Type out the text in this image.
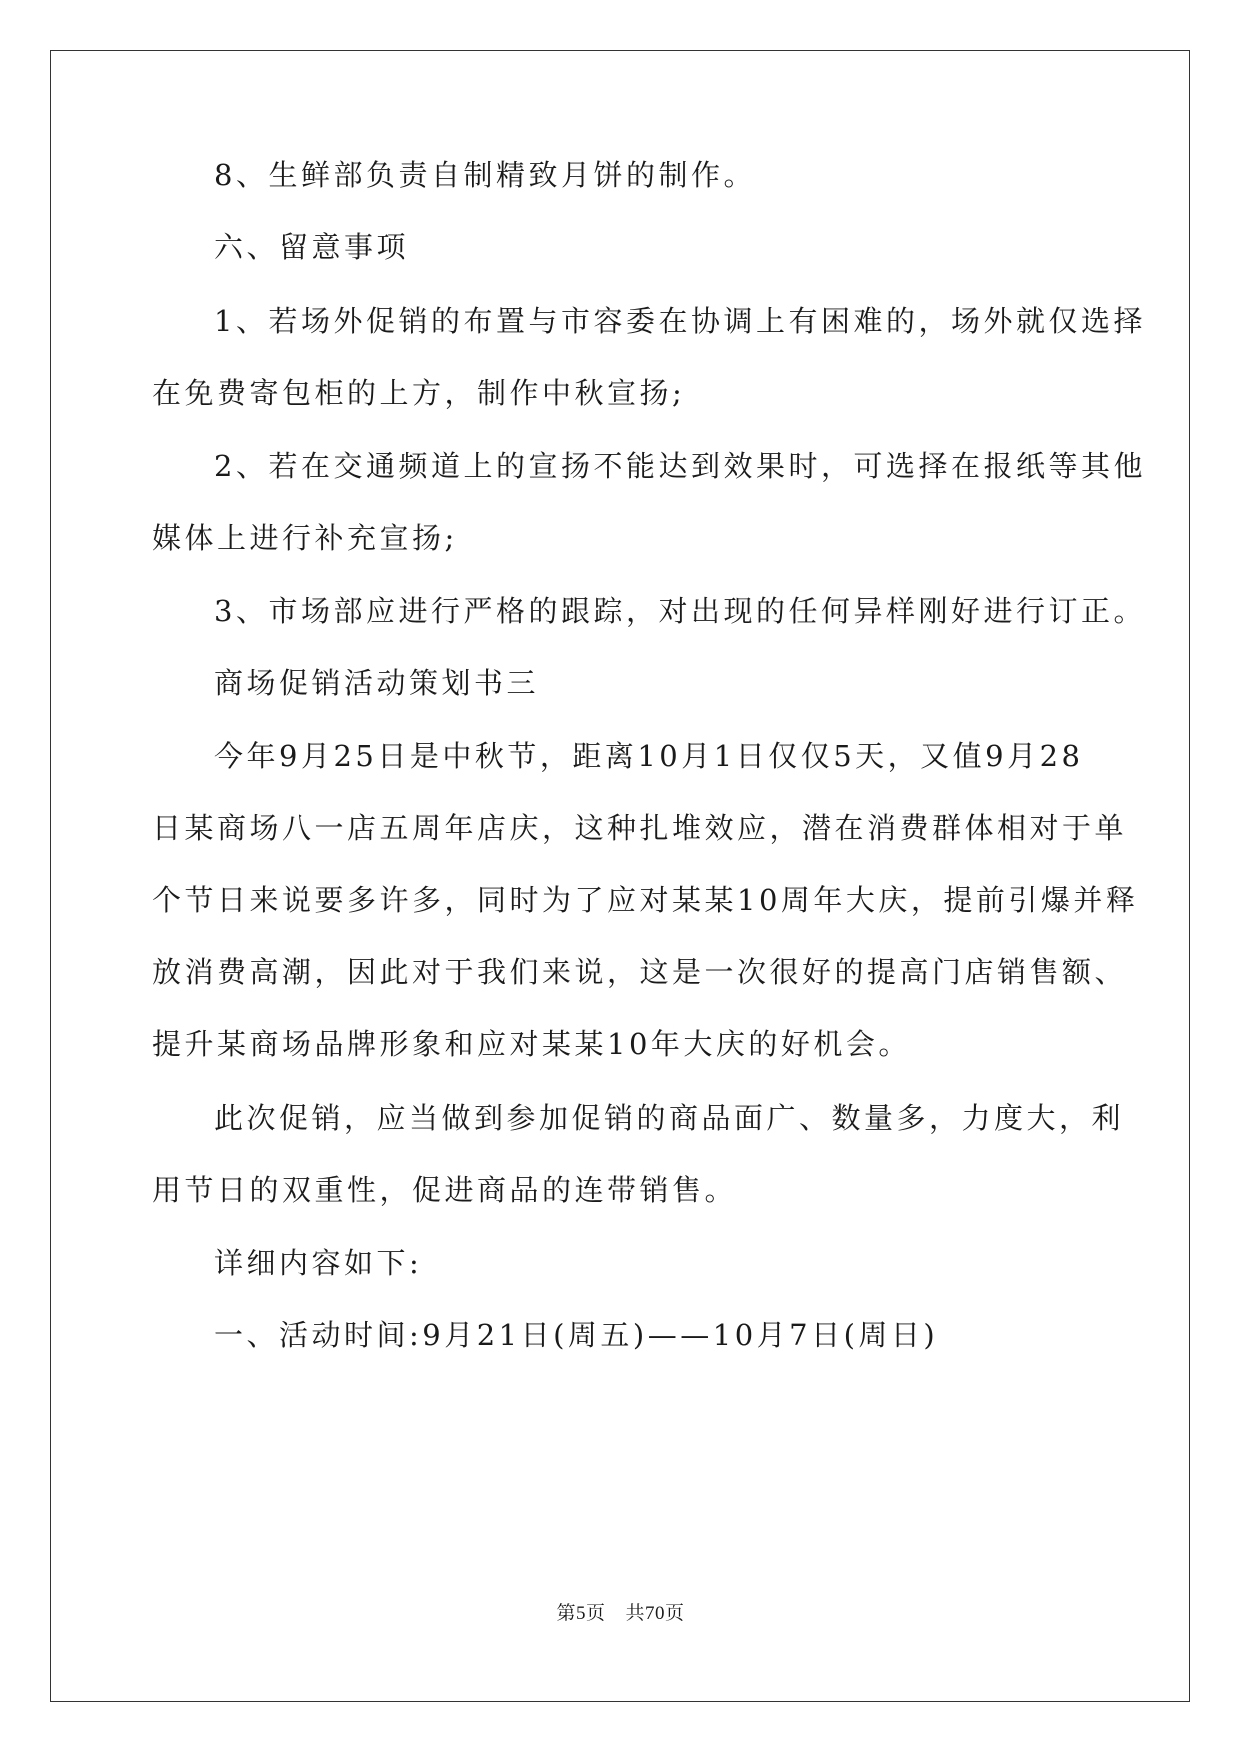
8、生鲜部负责自制精致月饼的制作。
六、留意事项
1、若场外促销的布置与市容委在协调上有困难的，场外就仅选择
在免费寄包柜的上方，制作中秋宣扬;
2、若在交通频道上的宣扬不能达到效果时，可选择在报纸等其他
媒体上进行补充宣扬;
3、市场部应进行严格的跟踪，对出现的任何异样刚好进行订正。
商场促销活动策划书三
今年9月25日是中秋节，距离10月1日仅仅5天，又值9月28
日某商场八一店五周年店庆，这种扎堆效应，潜在消费群体相对于单
个节日来说要多许多，同时为了应对某某10周年大庆，提前引爆并释
放消费高潮，因此对于我们来说，这是一次很好的提高门店销售额、
提升某商场品牌形象和应对某某10年大庆的好机会。
此次促销，应当做到参加促销的商品面广、数量多，力度大，利
用节日的双重性，促进商品的连带销售。
详细内容如下:
一、活动时间:9月21日(周五)——10月7日(周日)
第5页 共70页
